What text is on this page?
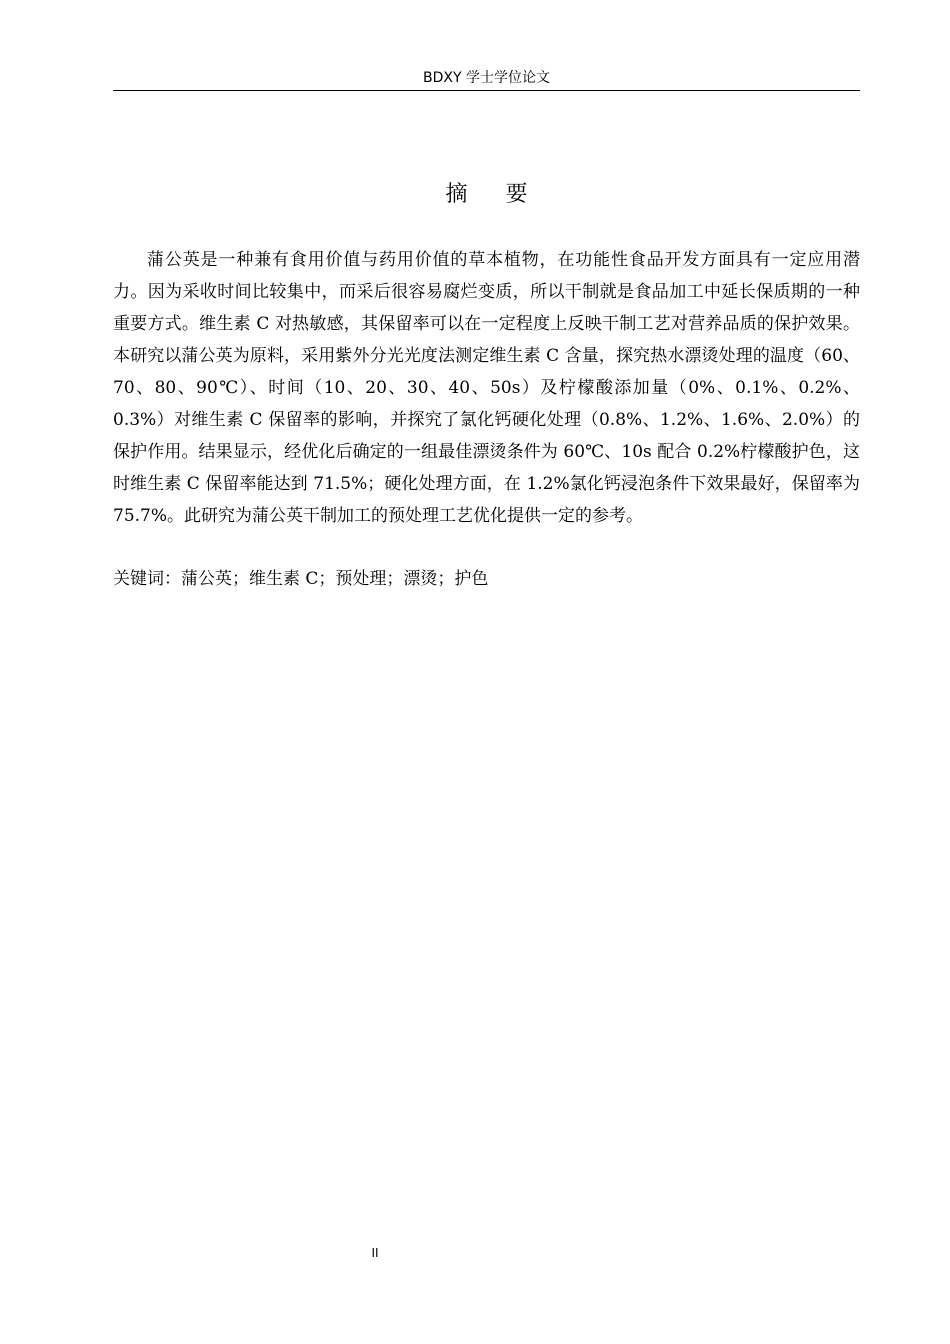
BDXY 学士学位论文
摘要

蒲公英是一种兼有食用价值与药用价值的草本植物，在功能性食品开发方面具有一定应用潜力。因为采收时间比较集中，而采后很容易腐烂变质，所以干制就是食品加工中延长保质期的一种重要方式。维生素 C 对热敏感，其保留率可以在一定程度上反映干制工艺对营养品质的保护效果。本研究以蒲公英为原料，采用紫外分光光度法测定维生素 C 含量，探究热水漂烫处理的温度（60、70、80、90℃）、时间（10、20、30、40、50s）及柠檬酸添加量（0%、0.1%、0.2%、0.3%）对维生素 C 保留率的影响，并探究了氯化钙硬化处理（0.8%、1.2%、1.6%、2.0%）的保护作用。结果显示，经优化后确定的一组最佳漂烫条件为 60℃、10s 配合 0.2%柠檬酸护色，这时维生素 C 保留率能达到 71.5%；硬化处理方面，在 1.2%氯化钙浸泡条件下效果最好，保留率为 75.7%。此研究为蒲公英干制加工的预处理工艺优化提供一定的参考。

关键词：蒲公英；维生素 C；预处理；漂烫；护色

II
